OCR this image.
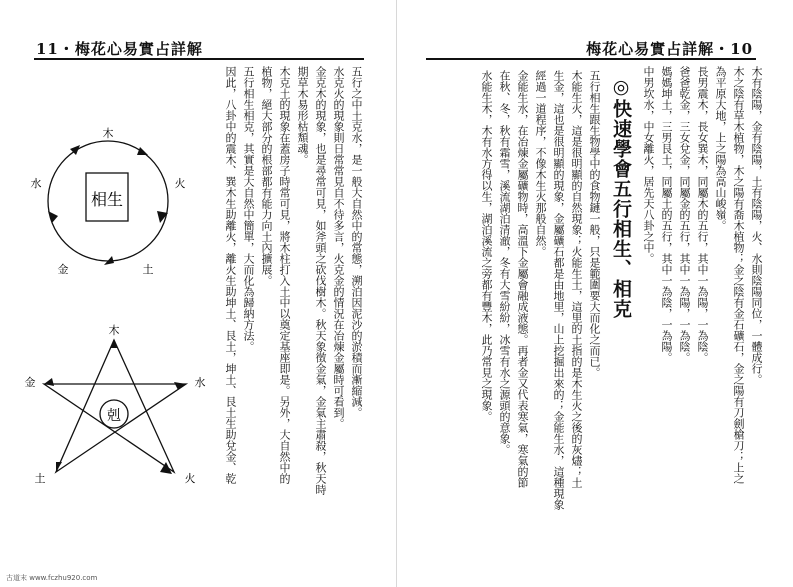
11・梅花心易實占詳解
五行之中土克水，是一般大自然中的常態，溯泊因泥沙的淤積而漸縮減。
水克火的現象則日常常見自不待多言，火克金的情況在冶煉金屬時可看到。
金克木的現象，也是尋常可見，如斧頭之砍伐樹木。秋天象徵金氣，金氣主肅殺，秋天時
期草木易形枯頽魂。
木克土的現象在蓋房子時常可見，將木柱打入土中以奠定基座即是。另外，大自然中的
植物，絕大部分的根部都有能力向土內擴展。
五行相生相克，其實是大自然中簡單，大而化為歸納方法。
因此，八卦中的震木、巽木生助離火，離火生助坤土、艮土，坤土、艮土生助兌金、乾
相生
木
火
土
金
水
剋
木
金
土	火
水
古道末 www.fczhu920.com
梅花心易實占詳解・10
木有陰陽，金有陰陽，土有陰陽，火、水則陰陽同位，一體成行。
木之陰有草木植物，木之陽有喬木植物；金之陰有金石礦石，金之陽有刀劍槍刀；上之
為平原大地，上之陽為高山峻嶺。
長男震木，長女巽木，同屬木的五行，其中一為陽，一為陰。
爸爸乾金，三女兌金，同屬金的五行，其中一為陽，一為陰。
媽媽坤土，三男艮土，同屬土的五行，其中一為陰，一為陽。
中男坎水，中女離火，居先天八卦之中。
◎快速學會五行相生、相克
五行相生跟生物學中的食物鏈一般，只是範圍要大而化之而已。
木能生火，這是很明顯的自然現象；火能生土，這里的土指的是木生火之後的灰燼；土
生金，這也是很明顯的現象，金屬礦石都是由地里，山上挖掘出來的；金能生水，這種現象
經過一道程序，不像木生火那般自然。
金能生水，在冶煉金屬礦物時，高溫下金屬會融成液態。再者金又代表寒氣，寒氣的節
在秋、冬，秋有霜雪，溪流湖泊清澈，冬有大雪紛紛，冰雪有水之源頭的意象。
水能生木，木有水方得以生，湖泊溪流之旁都有豐木，此乃常見之現象。
